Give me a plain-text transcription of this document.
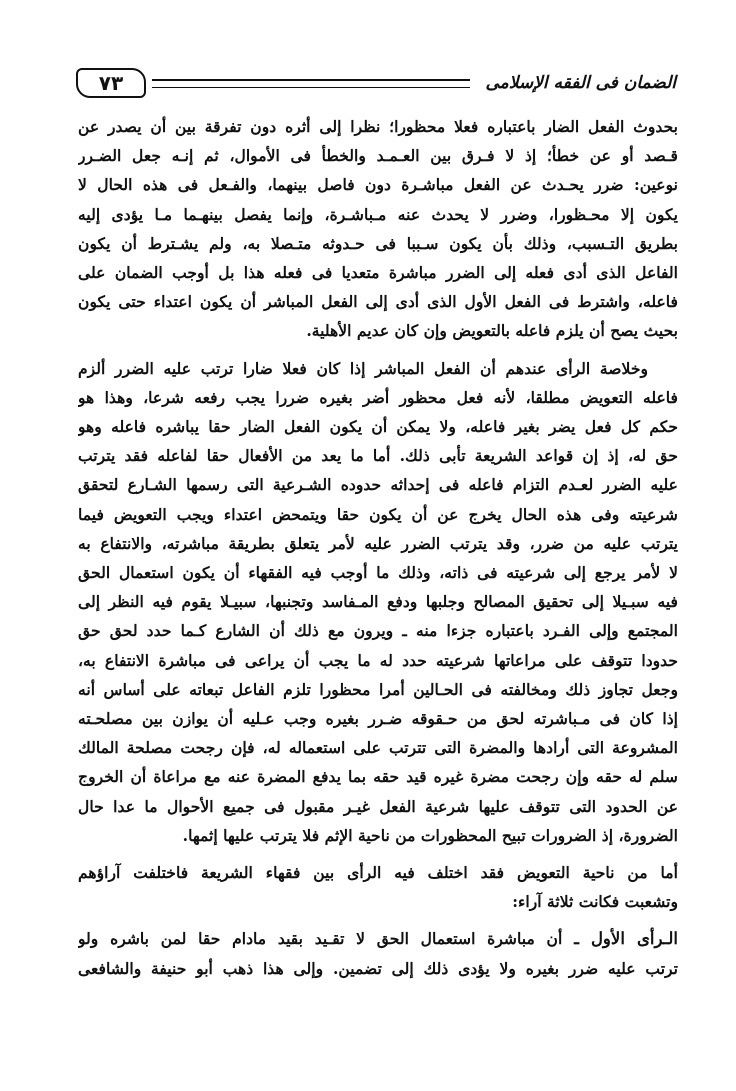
الضمان فى الفقه الإسلامى
٧٣

بحدوث الفعل الضار باعتباره فعلا محظورا؛ نظرا إلى أثره دون تفرقة بين أن يصدر عن
قـصد أو عن خطأ؛ إذ لا فـرق بين العـمـد والخطأ فى الأموال، ثم إنـه جعل الضـرر
نوعين: ضرر يحـدث عن الفعل مباشـرة دون فاصل بينهما، والفـعل فى هذه الحال لا
يكون إلا محـظورا، وضرر لا يحدث عنه مـباشـرة، وإنما يفصل بينهـما مـا يؤدى إليه
بطريق التـسبب، وذلك بأن يكون سـببا فى حـدوثه متـصلا به، ولم يشـترط أن يكون
الفاعل الذى أدى فعله إلى الضرر مباشرة متعديا فى فعله هذا بل أوجب الضمان على
فاعله، واشترط فى الفعل الأول الذى أدى إلى الفعل المباشر أن يكون اعتداء حتى يكون
بحيث يصح أن يلزم فاعله بالتعويض وإن كان عديم الأهلية.

وخلاصة الرأى عندهم أن الفعل المباشر إذا كان فعلا ضارا ترتب عليه الضرر ألزم
فاعله التعويض مطلقا، لأنه فعل محظور أضر بغيره ضررا يجب رفعه شرعا، وهذا هو
حكم كل فعل يضر بغير فاعله، ولا يمكن أن يكون الفعل الضار حقا يباشره فاعله وهو
حق له، إذ إن قواعد الشريعة تأبى ذلك. أما ما يعد من الأفعال حقا لفاعله فقد يترتب
عليه الضرر لعـدم التزام فاعله فى إحداثه حدوده الشـرعية التى رسمها الشـارع لتحقق
شرعيته وفى هذه الحال يخرج عن أن يكون حقا ويتمحض اعتداء ويجب التعويض فيما
يترتب عليه من ضرر، وقد يترتب الضرر عليه لأمر يتعلق بطريقة مباشرته، والانتفاع به
لا لأمر يرجع إلى شرعيته فى ذاته، وذلك ما أوجب فيه الفقهاء أن يكون استعمال الحق
فيه سبـيلا إلى تحقيق المصالح وجلبها ودفع المـفاسد وتجنبها، سبيـلا يقوم فيه النظر إلى
المجتمع وإلى الفـرد باعتباره جزءا منه ـ ويرون مع ذلك أن الشارع كـما حدد لحق حق
حدودا تتوقف على مراعاتها شرعيته حدد له ما يجب أن يراعى فى مباشرة الانتفاع به،
وجعل تجاوز ذلك ومخالفته فى الحـالين أمرا محظورا تلزم الفاعل تبعاته على أساس أنه
إذا كان فى مـباشرته لحق من حـقوقه ضـرر بغيره وجب عـليه أن يوازن بين مصلحـته
المشروعة التى أرادها والمضرة التى تترتب على استعماله له، فإن رجحت مصلحة المالك
سلم له حقه وإن رجحت مضرة غيره قيد حقه بما يدفع المضرة عنه مع مراعاة أن الخروج
عن الحدود التى تتوقف عليها شرعية الفعل غيـر مقبول فى جميع الأحوال ما عدا حال
الضرورة، إذ الضرورات تبيح المحظورات من ناحية الإثم فلا يترتب عليها إثمها.

أما من ناحية التعويض فقد اختلف فيه الرأى بين فقهاء الشريعة فاختلفت آراؤهم
وتشعبت فكانت ثلاثة آراء:

الـرأى الأول ـ أن مباشرة استعمال الحق لا تقـيد بقيد مادام حقا لمن باشره ولو
ترتب عليه ضرر بغيره ولا يؤدى ذلك إلى تضمين. وإلى هذا ذهب أبو حنيفة والشافعى
